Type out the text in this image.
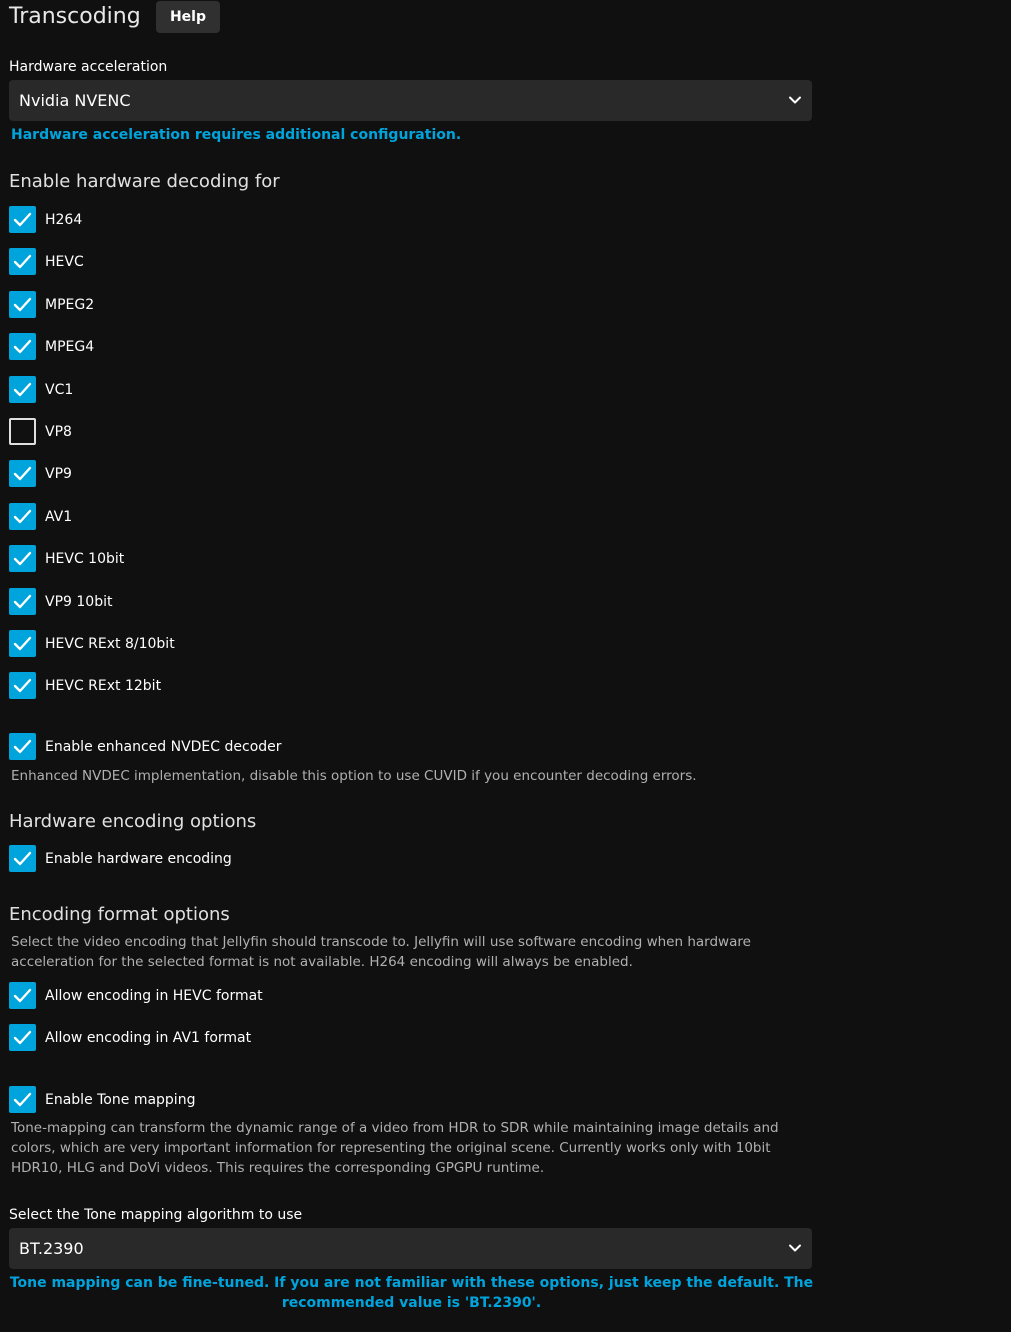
Transcoding	Help
Hardware acceleration
Nvidia NVENC
Hardware acceleration requires additional configuration.
Enable hardware decoding for
H264
HEVC
MPEG2
MPEG4
VC1
VP8
VP9
AV1
HEVC 10bit
VP9 10bit
HEVC RExt 8/10bit
HEVC RExt 12bit
Enable enhanced NVDEC decoder
Enhanced NVDEC implementation, disable this option to use CUVID if you encounter decoding errors.
Hardware encoding options
Enable hardware encoding
Encoding format options
Select the video encoding that Jellyfin should transcode to. Jellyfin will use software encoding when hardware acceleration for the selected format is not available. H264 encoding will always be enabled.
Allow encoding in HEVC format
Allow encoding in AV1 format
Enable Tone mapping
Tone-mapping can transform the dynamic range of a video from HDR to SDR while maintaining image details and colors, which are very important information for representing the original scene. Currently works only with 10bit HDR10, HLG and DoVi videos. This requires the corresponding GPGPU runtime.
Select the Tone mapping algorithm to use
BT.2390
Tone mapping can be fine-tuned. If you are not familiar with these options, just keep the default. The recommended value is 'BT.2390'.
